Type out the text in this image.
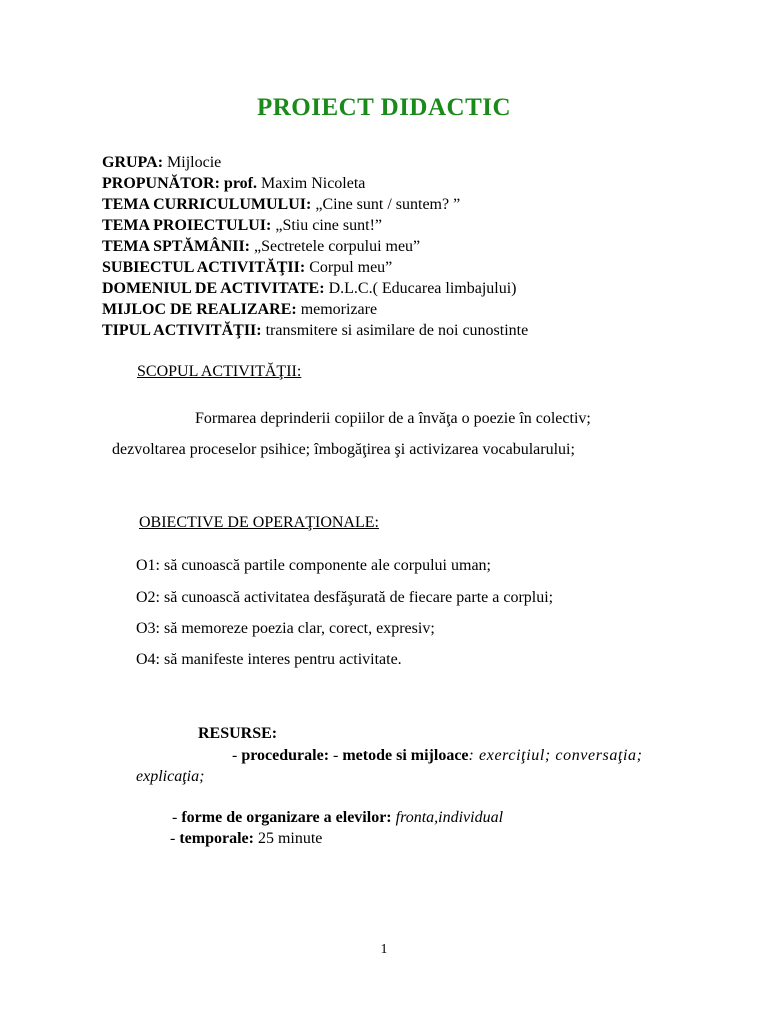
PROIECT DIDACTIC
GRUPA: Mijlocie
PROPUNĂTOR: prof. Maxim Nicoleta
TEMA CURRICULUMULUI: „Cine sunt / suntem? ”
TEMA PROIECTULUI: „Stiu cine sunt!”
TEMA SPTĂMÂNII: „Sectretele corpului meu”
SUBIECTUL ACTIVITĂŢII: Corpul meu”
DOMENIUL DE ACTIVITATE: D.L.C.( Educarea limbajului)
MIJLOC DE REALIZARE: memorizare
TIPUL ACTIVITĂŢII: transmitere si asimilare de noi cunostinte
SCOPUL ACTIVITĂŢII:
Formarea deprinderii copiilor de a învăţa o poezie în colectiv;
dezvoltarea proceselor psihice; îmbogăţirea şi activizarea vocabularului;
OBIECTIVE DE OPERAŢIONALE:
O1: să cunoască partile componente ale corpului uman;
O2: să cunoască activitatea desfăşurată de fiecare parte a corplui;
O3: să memoreze poezia clar, corect, expresiv;
O4: să manifeste interes pentru activitate.
RESURSE:
- procedurale: - metode si mijloace: exerciţiul; conversaţia;
explicaţia;
- forme de organizare a elevilor: fronta,individual
- temporale: 25 minute
1
